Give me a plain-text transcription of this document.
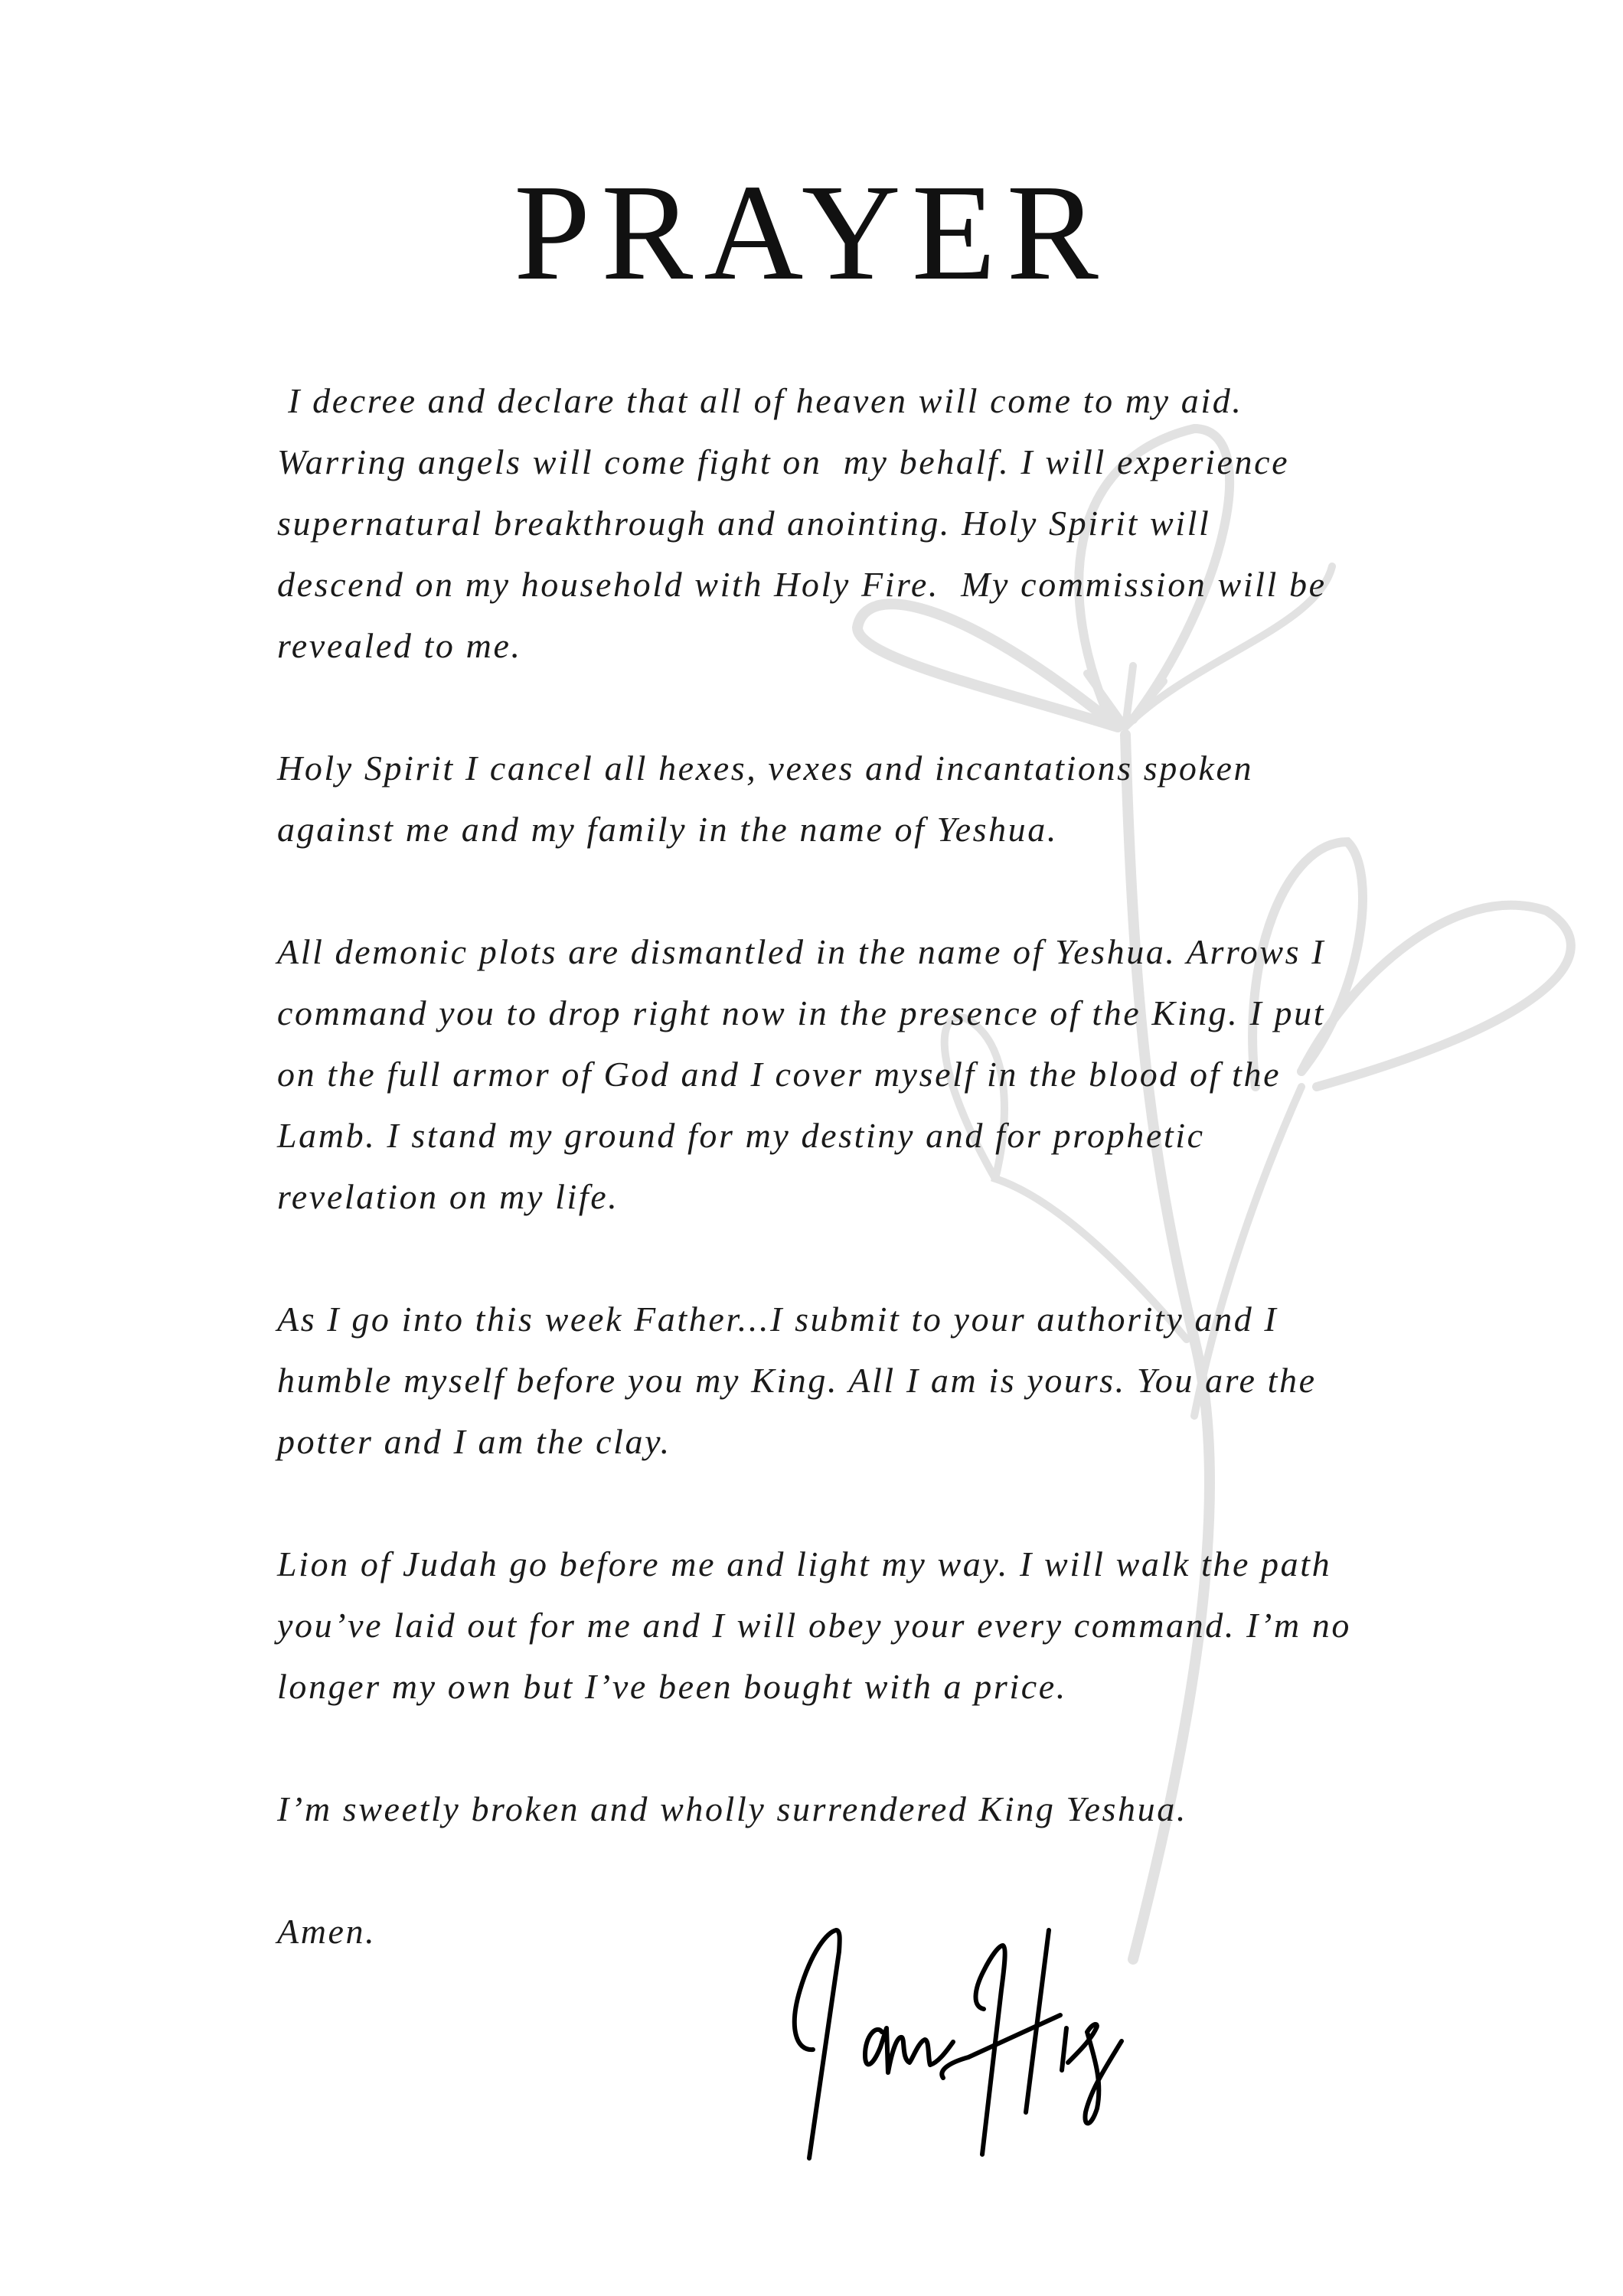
PRAYER

I decree and declare that all of heaven will come to my aid.
Warring angels will come fight on  my behalf. I will experience
supernatural breakthrough and anointing. Holy Spirit will
descend on my household with Holy Fire.  My commission will be
revealed to me.

Holy Spirit I cancel all hexes, vexes and incantations spoken
against me and my family in the name of Yeshua.

All demonic plots are dismantled in the name of Yeshua. Arrows I
command you to drop right now in the presence of the King. I put
on the full armor of God and I cover myself in the blood of the
Lamb. I stand my ground for my destiny and for prophetic
revelation on my life.

As I go into this week Father...I submit to your authority and I
humble myself before you my King. All I am is yours. You are the
potter and I am the clay.

Lion of Judah go before me and light my way. I will walk the path
you’ve laid out for me and I will obey your every command. I’m no
longer my own but I’ve been bought with a price.

I’m sweetly broken and wholly surrendered King Yeshua.

Amen.
